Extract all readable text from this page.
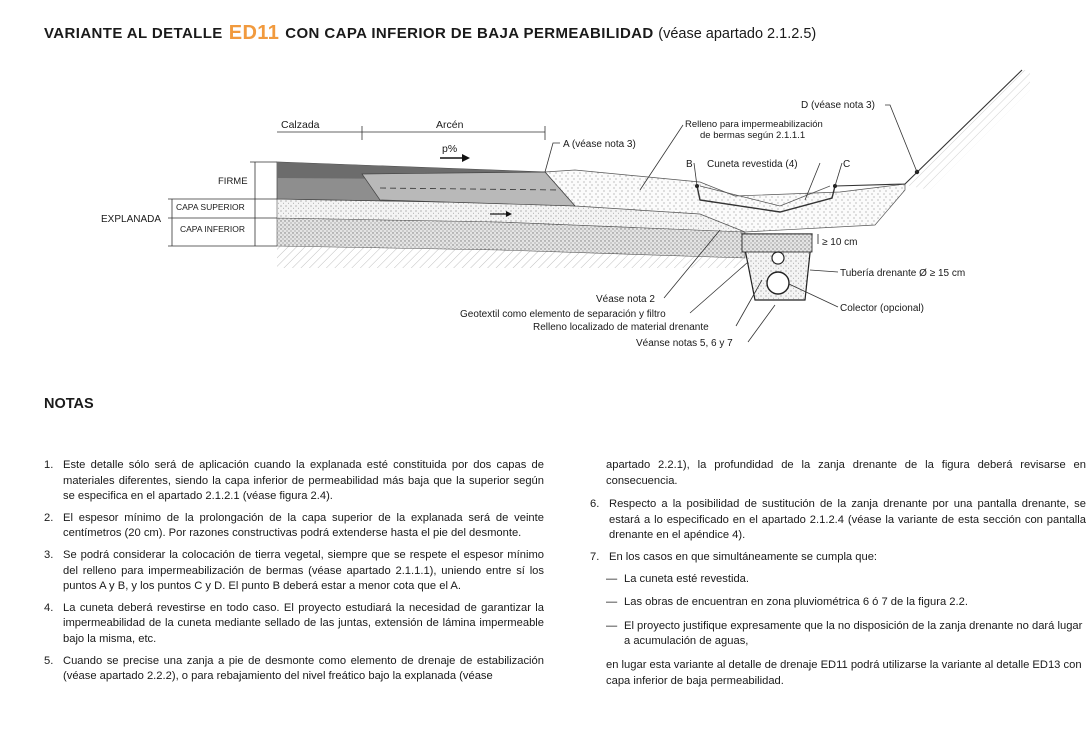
VARIANTE AL DETALLE ED11 CON CAPA INFERIOR DE BAJA PERMEABILIDAD (véase apartado 2.1.2.5)
Calzada	Arcén
p%
FIRME
EXPLANADA
CAPA SUPERIOR
CAPA INFERIOR
A (véase nota 3)
Relleno para impermeabilización
de bermas según 2.1.1.1
D (véase nota 3)
B Cuneta revestida (4)	C
≥ 10 cm
Tubería drenante Ø ≥ 15 cm
Colector (opcional)
Véase nota 2
Geotextil como elemento de separación y filtro
Relleno localizado de material drenante
Véanse notas 5, 6 y 7
NOTAS
1. Este detalle sólo será de aplicación cuando la explanada esté constituida por dos capas de materiales diferentes, siendo la capa inferior de permeabilidad más baja que la superior según se especifica en el apartado 2.1.2.1 (véase figura 2.4).
2. El espesor mínimo de la prolongación de la capa superior de la explanada será de veinte centímetros (20 cm). Por razones constructivas podrá extenderse hasta el pie del desmonte.
3. Se podrá considerar la colocación de tierra vegetal, siempre que se respete el espesor mínimo del relleno para impermeabilización de bermas (véase apartado 2.1.1.1), uniendo entre sí los puntos A y B, y los puntos C y D. El punto B deberá estar a menor cota que el A.
4. La cuneta deberá revestirse en todo caso. El proyecto estudiará la necesidad de garantizar la impermeabilidad de la cuneta mediante sellado de las juntas, extensión de lámina impermeable bajo la misma, etc.
5. Cuando se precise una zanja a pie de desmonte como elemento de drenaje de estabilización (véase apartado 2.2.2), o para rebajamiento del nivel freático bajo la explanada (véase
apartado 2.2.1), la profundidad de la zanja drenante de la figura deberá revisarse en consecuencia.
6. Respecto a la posibilidad de sustitución de la zanja drenante por una pantalla drenante, se estará a lo especificado en el apartado 2.1.2.4 (véase la variante de esta sección con pantalla drenante en el apéndice 4).
7. En los casos en que simultáneamente se cumpla que:
— La cuneta esté revestida.
— Las obras de encuentran en zona pluviométrica 6 ó 7 de la figura 2.2.
— El proyecto justifique expresamente que la no disposición de la zanja drenante no dará lugar a acumulación de aguas,
en lugar esta variante al detalle de drenaje ED11 podrá utilizarse la variante al detalle ED13 con capa inferior de baja permeabilidad.
